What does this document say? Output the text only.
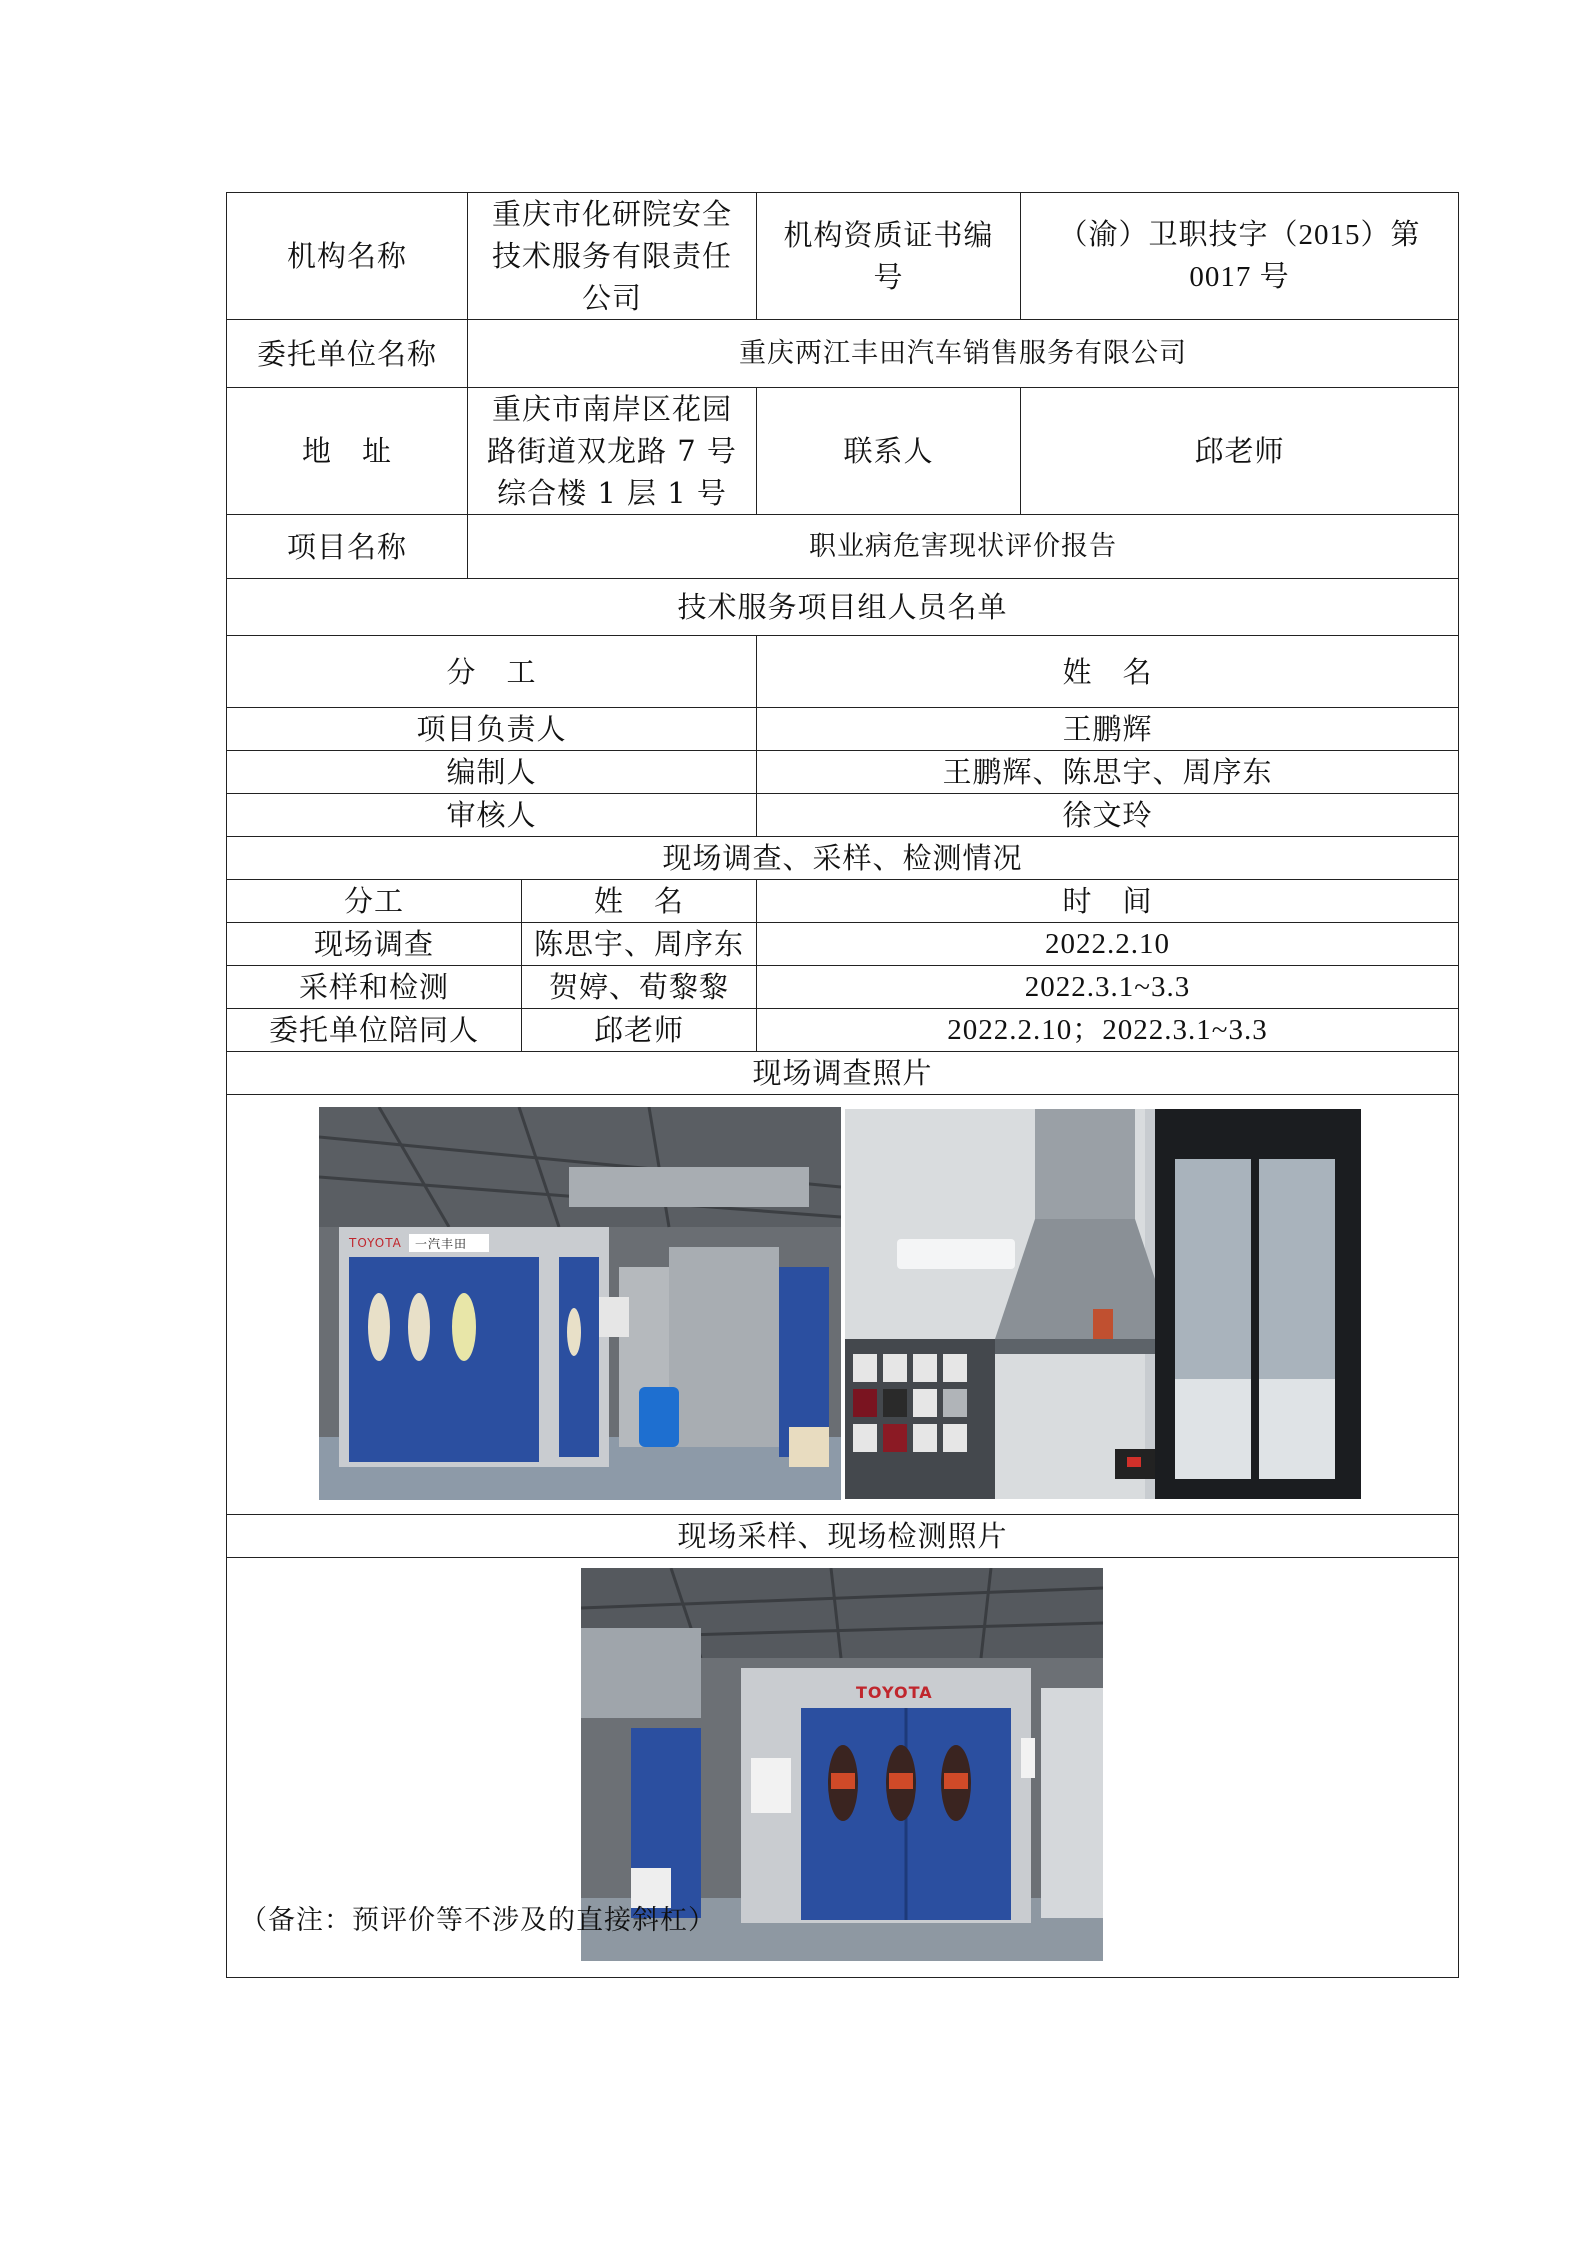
机构名称	重庆市化研院安全技术服务有限责任公司		机构资质证书编号	（渝）卫职技字（2015）第 0017 号
委托单位名称	重庆两江丰田汽车销售服务有限公司			
地　址	重庆市南岸区花园路街道双龙路 7 号综合楼 1 层 1 号		联系人	邱老师
项目名称	职业病危害现状评价报告			
技术服务项目组人员名单				
分　工			姓　名	
项目负责人			王鹏辉	
编制人			王鹏辉、陈思宇、周序东	
审核人			徐文玲	
现场调查、采样、检测情况				
分工		姓　名	时　间	
现场调查		陈思宇、周序东	2022.2.10	
采样和检测		贺婷、荀黎黎	2022.3.1~3.3	
委托单位陪同人		邱老师	2022.2.10；2022.3.1~3.3	
现场调查照片				

TOYOTA 一汽丰田				

现场采样、现场检测照片				

TOYOTA				
（备注：预评价等不涉及的直接斜杠）
